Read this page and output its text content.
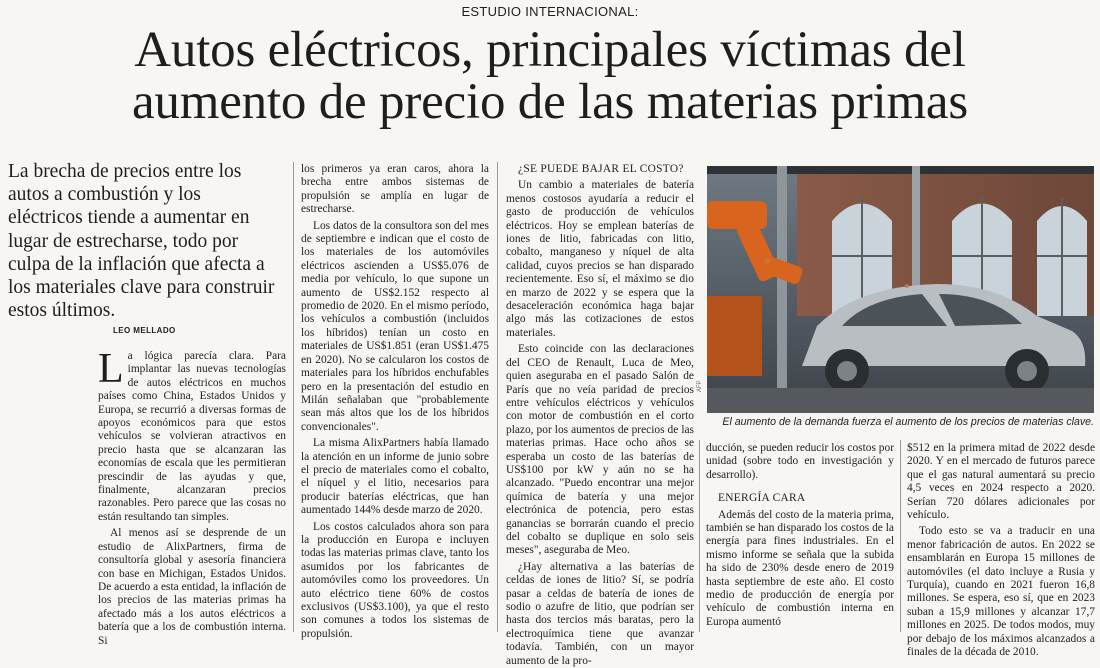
ESTUDIO INTERNACIONAL:
Autos eléctricos, principales víctimas del
aumento de precio de las materias primas

La brecha de precios entre los autos a combustión y los eléctricos tiende a aumentar en lugar de estrecharse, todo por culpa de la inflación que afecta a los materiales clave para construir estos últimos.

LEO MELLADO

La lógica parecía clara. Para implantar las nuevas tecnologías de autos eléctricos en muchos países como China, Estados Unidos y Europa, se recurrió a diversas formas de apoyos económicos para que estos vehículos se volvieran atractivos en precio hasta que se alcanzaran las economías de escala que les permitieran prescindir de las ayudas y que, finalmente, alcanzaran precios razonables. Pero parece que las cosas no están resultando tan simples.

Al menos así se desprende de un estudio de AlixPartners, firma de consultoría global y asesoría financiera con base en Michigan, Estados Unidos. De acuerdo a esta entidad, la inflación de los precios de las materias primas ha afectado más a los autos eléctricos a batería que a los de combustión interna. Si

los primeros ya eran caros, ahora la brecha entre ambos sistemas de propulsión se amplía en lugar de estrecharse.

Los datos de la consultora son del mes de septiembre e indican que el costo de los materiales de los automóviles eléctricos ascienden a US$5.076 de media por vehículo, lo que supone un aumento de US$2.152 respecto al promedio de 2020. En el mismo período, los vehículos a combustión (incluidos los híbridos) tenían un costo en materiales de US$1.851 (eran US$1.475 en 2020). No se calcularon los costos de materiales para los híbridos enchufables pero en la presentación del estudio en Milán señalaban que "probablemente sean más altos que los de los híbridos convencionales".

La misma AlixPartners había llamado la atención en un informe de junio sobre el precio de materiales como el cobalto, el níquel y el litio, necesarios para producir baterías eléctricas, que han aumentado 144% desde marzo de 2020.

Los costos calculados ahora son para la producción en Europa e incluyen todas las materias primas clave, tanto los asumidos por los fabricantes de automóviles como los proveedores. Un auto eléctrico tiene 60% de costos exclusivos (US$3.100), ya que el resto son comunes a todos los sistemas de propulsión.

¿SE PUEDE BAJAR EL COSTO?

Un cambio a materiales de batería menos costosos ayudaría a reducir el gasto de producción de vehículos eléctricos. Hoy se emplean baterías de iones de litio, fabricadas con litio, cobalto, manganeso y níquel de alta calidad, cuyos precios se han disparado recientemente. Eso sí, el máximo se dio en marzo de 2022 y se espera que la desaceleración económica haga bajar algo más las cotizaciones de estos materiales.

Esto coincide con las declaraciones del CEO de Renault, Luca de Meo, quien aseguraba en el pasado Salón de París que no veía paridad de precios entre vehículos eléctricos y vehículos con motor de combustión en el corto plazo, por los aumentos de precios de las materias primas. Hace ocho años se esperaba un costo de las baterías de US$100 por kW y aún no se ha alcanzado. "Puedo encontrar una mejor química de batería y una mejor electrónica de potencia, pero estas ganancias se borrarán cuando el precio del cobalto se duplique en solo seis meses", aseguraba de Meo.

¿Hay alternativa a las baterías de celdas de iones de litio? Sí, se podría pasar a celdas de batería de iones de sodio o azufre de litio, que podrían ser hasta dos tercios más baratas, pero la electroquímica tiene que avanzar todavía. También, con un mayor aumento de la pro-

AFP
El aumento de la demanda fuerza el aumento de los precios de materias clave.

ducción, se pueden reducir los costos por unidad (sobre todo en investigación y desarrollo).

ENERGÍA CARA

Además del costo de la materia prima, también se han disparado los costos de la energía para fines industriales. En el mismo informe se señala que la subida ha sido de 230% desde enero de 2019 hasta septiembre de este año. El costo medio de producción de energía por vehículo de combustión interna en Europa aumentó

$512 en la primera mitad de 2022 desde 2020. Y en el mercado de futuros parece que el gas natural aumentará su precio 4,5 veces en 2024 respecto a 2020. Serían 720 dólares adicionales por vehículo.

Todo esto se va a traducir en una menor fabricación de autos. En 2022 se ensamblarán en Europa 15 millones de automóviles (el dato incluye a Rusia y Turquía), cuando en 2021 fueron 16,8 millones. Se espera, eso sí, que en 2023 suban a 15,9 millones y alcanzar 17,7 millones en 2025. De todos modos, muy por debajo de los máximos alcanzados a finales de la década de 2010.
